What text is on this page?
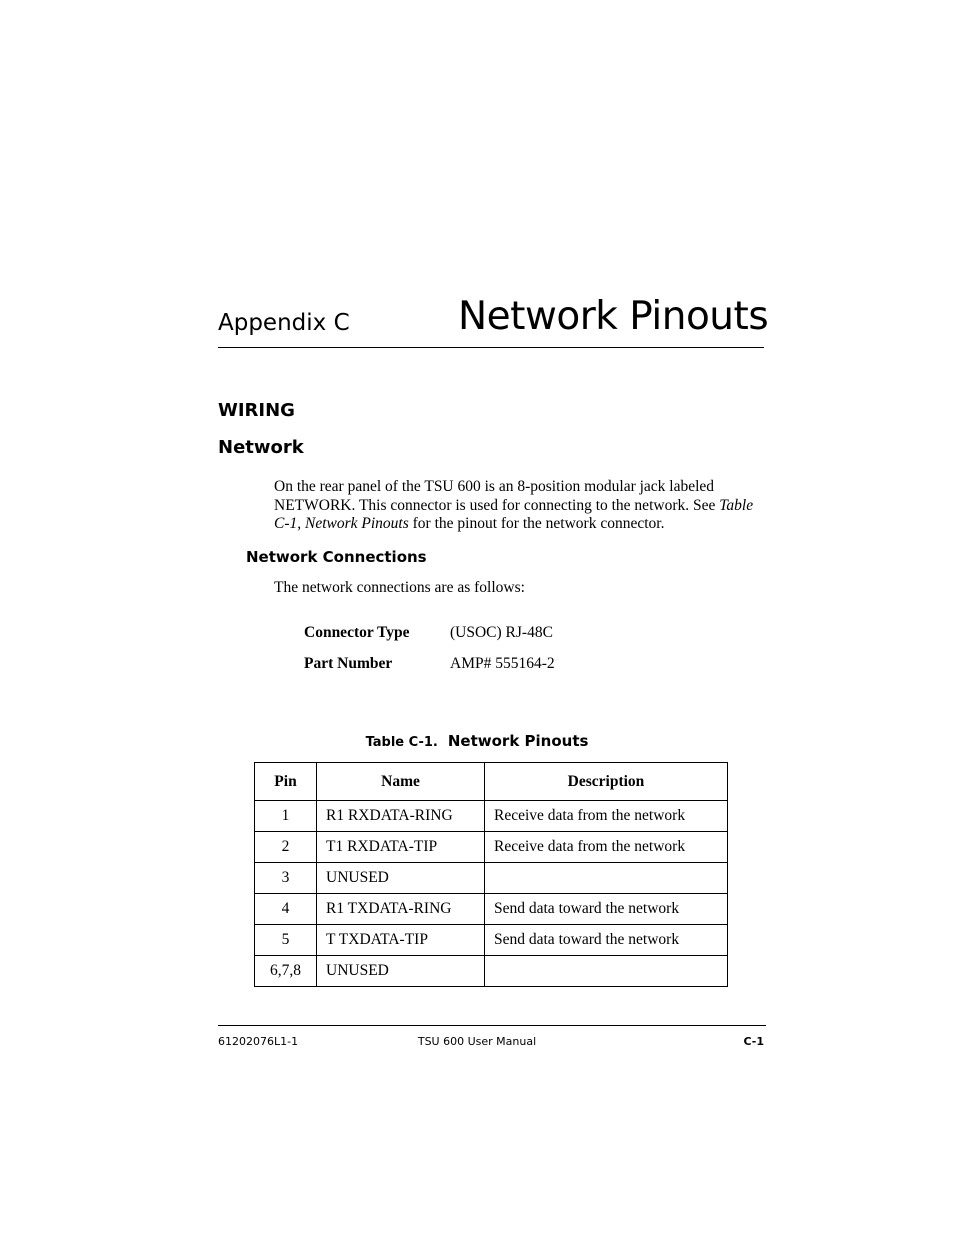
Appendix C	Network Pinouts
WIRING
Network
On the rear panel of the TSU 600 is an 8-position modular jack labeled NETWORK. This connector is used for connecting to the network. See Table C-1, Network Pinouts for the pinout for the network connector.
Network Connections
The network connections are as follows:
Connector Type	(USOC) RJ-48C
Part Number	AMP# 555164-2
Table C-1. Network Pinouts
Pin	Name	Description
1	R1 RXDATA-RING	Receive data from the network
2	T1 RXDATA-TIP	Receive data from the network
3	UNUSED	
4	R1 TXDATA-RING	Send data toward the network
5	T TXDATA-TIP	Send data toward the network
6,7,8	UNUSED	
61202076L1-1	TSU 600 User Manual	C-1
